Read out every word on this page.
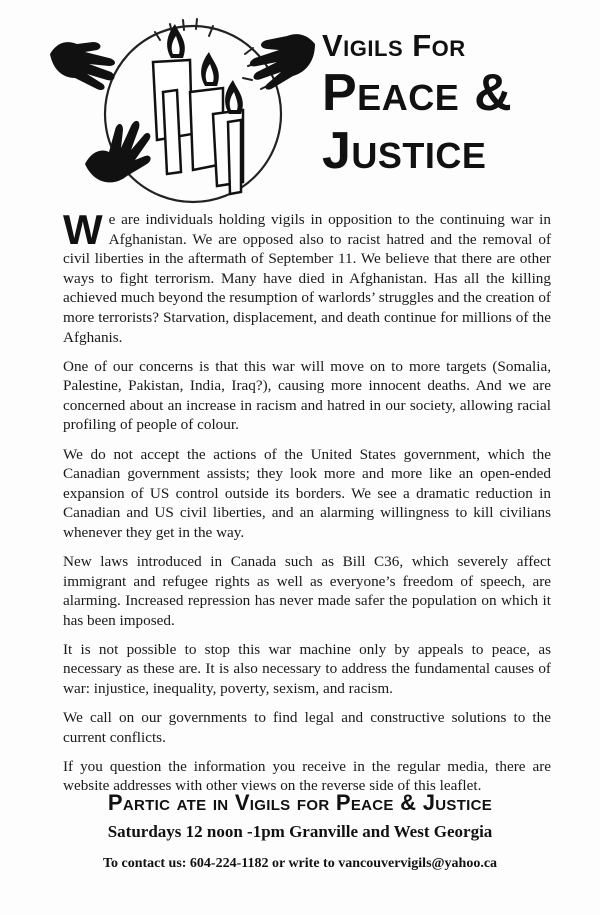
Vigils For
Peace &
Justice

We are individuals holding vigils in opposition to the continuing war in Afghanistan. We are opposed also to racist hatred and the removal of civil liberties in the aftermath of September 11. We believe that there are other ways to fight terrorism. Many have died in Afghanistan. Has all the killing achieved much beyond the resumption of warlords’ struggles and the creation of more terrorists? Starvation, displacement, and death continue for millions of the Afghanis.

One of our concerns is that this war will move on to more targets (Somalia, Palestine, Pakistan, India, Iraq?), causing more innocent deaths. And we are concerned about an increase in racism and hatred in our society, allowing racial profiling of people of colour.

We do not accept the actions of the United States government, which the Canadian government assists; they look more and more like an open-ended expansion of US control outside its borders. We see a dramatic reduction in Canadian and US civil liberties, and an alarming willingness to kill civilians whenever they get in the way.

New laws introduced in Canada such as Bill C36, which severely affect immigrant and refugee rights as well as everyone’s freedom of speech, are alarming. Increased repression has never made safer the population on which it has been imposed.

It is not possible to stop this war machine only by appeals to peace, as necessary as these are. It is also necessary to address the fundamental causes of war: injustice, inequality, poverty, sexism, and racism.

We call on our governments to find legal and constructive solutions to the current conflicts.

If you question the information you receive in the regular media, there are website addresses with other views on the reverse side of this leaflet.

Partic ate in Vigils for Peace & Justice
Saturdays 12 noon -1pm Granville and West Georgia
To contact us: 604-224-1182 or write to vancouvervigils@yahoo.ca
